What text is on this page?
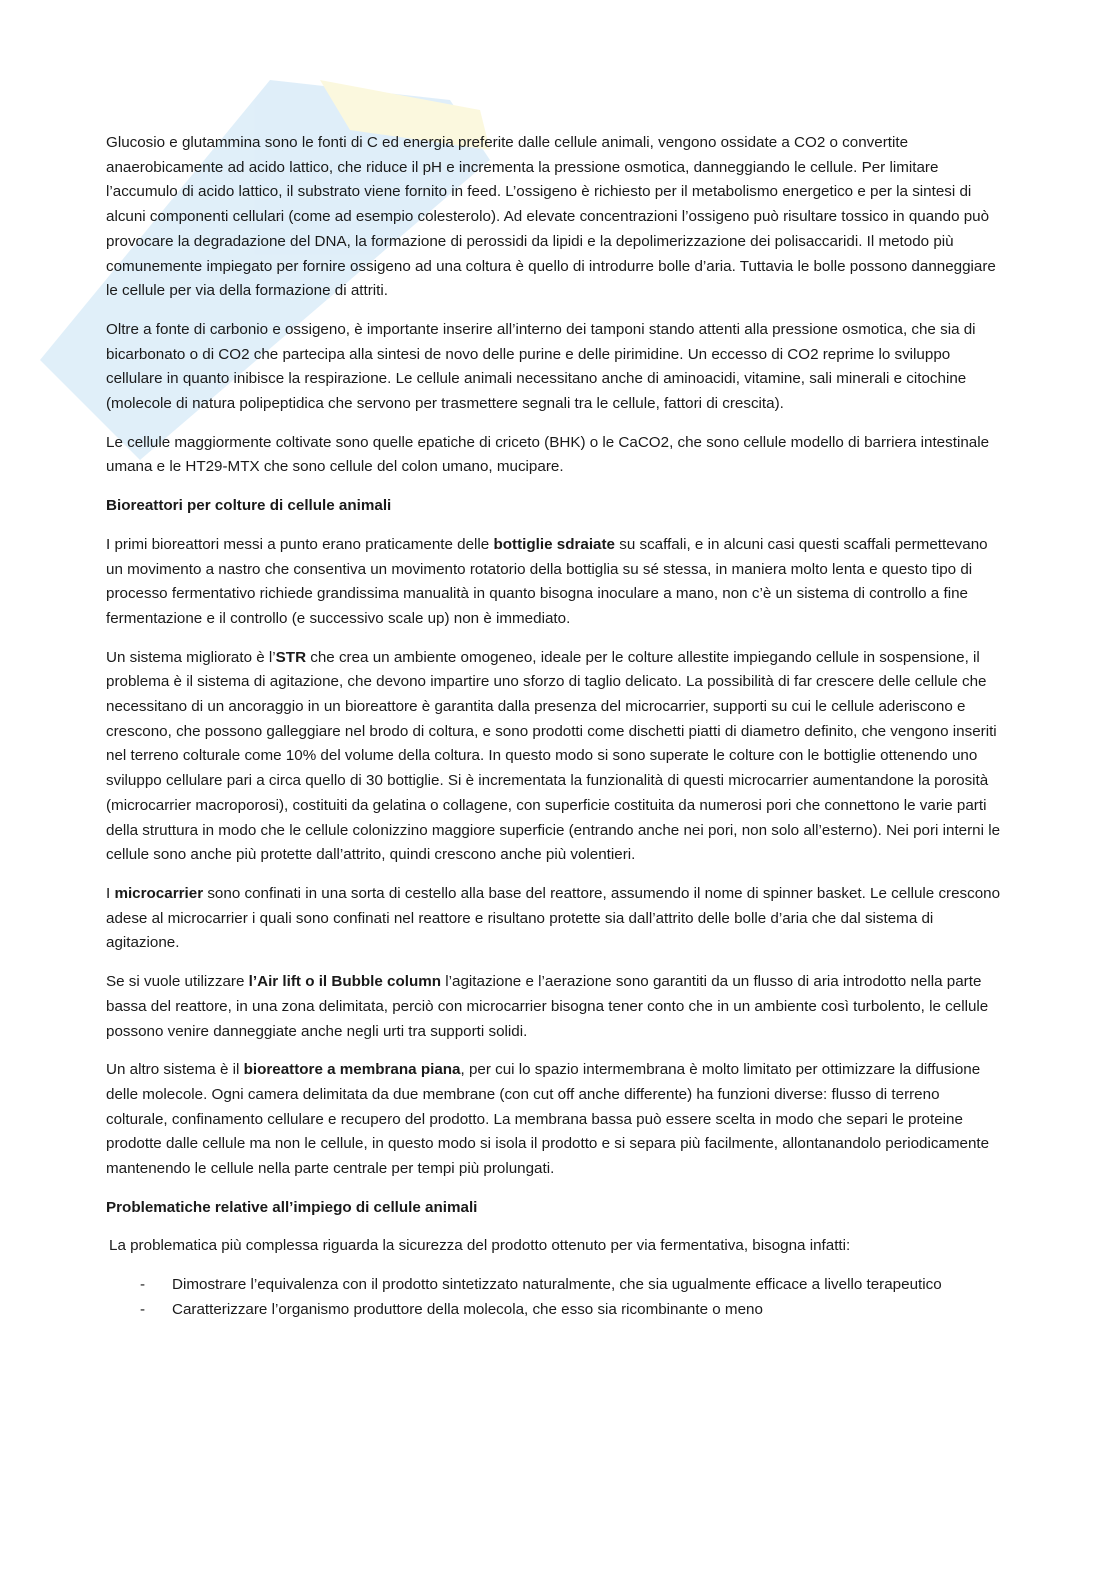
Glucosio e glutammina sono le fonti di C ed energia preferite dalle cellule animali, vengono ossidate a CO2 o convertite anaerobicamente ad acido lattico, che riduce il pH e incrementa la pressione osmotica, danneggiando le cellule. Per limitare l’accumulo di acido lattico, il substrato viene fornito in feed. L’ossigeno è richiesto per il metabolismo energetico e per la sintesi di alcuni componenti cellulari (come ad esempio colesterolo). Ad elevate concentrazioni l’ossigeno può risultare tossico in quando può provocare la degradazione del DNA, la formazione di perossidi da lipidi e la depolimerizzazione dei polisaccaridi. Il metodo più comunemente impiegato per fornire ossigeno ad una coltura è quello di introdurre bolle d’aria. Tuttavia le bolle possono danneggiare le cellule per via della formazione di attriti.

Oltre a fonte di carbonio e ossigeno, è importante inserire all’interno dei tamponi stando attenti alla pressione osmotica, che sia di bicarbonato o di CO2 che partecipa alla sintesi de novo delle purine e delle pirimidine. Un eccesso di CO2 reprime lo sviluppo cellulare in quanto inibisce la respirazione. Le cellule animali necessitano anche di aminoacidi, vitamine, sali minerali e citochine (molecole di natura polipeptidica che servono per trasmettere segnali tra le cellule, fattori di crescita).

Le cellule maggiormente coltivate sono quelle epatiche di criceto (BHK) o le CaCO2, che sono cellule modello di barriera intestinale umana e le HT29-MTX che sono cellule del colon umano, mucipare.

Bioreattori per colture di cellule animali

I primi bioreattori messi a punto erano praticamente delle bottiglie sdraiate su scaffali, e in alcuni casi questi scaffali permettevano un movimento a nastro che consentiva un movimento rotatorio della bottiglia su sé stessa, in maniera molto lenta e questo tipo di processo fermentativo richiede grandissima manualità in quanto bisogna inoculare a mano, non c’è un sistema di controllo a fine fermentazione e il controllo (e successivo scale up) non è immediato.

Un sistema migliorato è l’STR che crea un ambiente omogeneo, ideale per le colture allestite impiegando cellule in sospensione, il problema è il sistema di agitazione, che devono impartire uno sforzo di taglio delicato. La possibilità di far crescere delle cellule che necessitano di un ancoraggio in un bioreattore è garantita dalla presenza del microcarrier, supporti su cui le cellule aderiscono e crescono, che possono galleggiare nel brodo di coltura, e sono prodotti come dischetti piatti di diametro definito, che vengono inseriti nel terreno colturale come 10% del volume della coltura. In questo modo si sono superate le colture con le bottiglie ottenendo uno sviluppo cellulare pari a circa quello di 30 bottiglie. Si è incrementata la funzionalità di questi microcarrier aumentandone la porosità (microcarrier macroporosi), costituiti da gelatina o collagene, con superficie costituita da numerosi pori che connettono le varie parti della struttura in modo che le cellule colonizzino maggiore superficie (entrando anche nei pori, non solo all’esterno). Nei pori interni le cellule sono anche più protette dall’attrito, quindi crescono anche più volentieri.

I microcarrier sono confinati in una sorta di cestello alla base del reattore, assumendo il nome di spinner basket. Le cellule crescono adese al microcarrier i quali sono confinati nel reattore e risultano protette sia dall’attrito delle bolle d’aria che dal sistema di agitazione.

Se si vuole utilizzare l’Air lift o il Bubble column l’agitazione e l’aerazione sono garantiti da un flusso di aria introdotto nella parte bassa del reattore, in una zona delimitata, perciò con microcarrier bisogna tener conto che in un ambiente così turbolento, le cellule possono venire danneggiate anche negli urti tra supporti solidi.

Un altro sistema è il bioreattore a membrana piana, per cui lo spazio intermembrana è molto limitato per ottimizzare la diffusione delle molecole. Ogni camera delimitata da due membrane (con cut off anche differente) ha funzioni diverse: flusso di terreno colturale, confinamento cellulare e recupero del prodotto. La membrana bassa può essere scelta in modo che separi le proteine prodotte dalle cellule ma non le cellule, in questo modo si isola il prodotto e si separa più facilmente, allontanandolo periodicamente mantenendo le cellule nella parte centrale per tempi più prolungati.

Problematiche relative all’impiego di cellule animali

La problematica più complessa riguarda la sicurezza del prodotto ottenuto per via fermentativa, bisogna infatti:

- Dimostrare l’equivalenza con il prodotto sintetizzato naturalmente, che sia ugualmente efficace a livello terapeutico
- Caratterizzare l’organismo produttore della molecola, che esso sia ricombinante o meno
